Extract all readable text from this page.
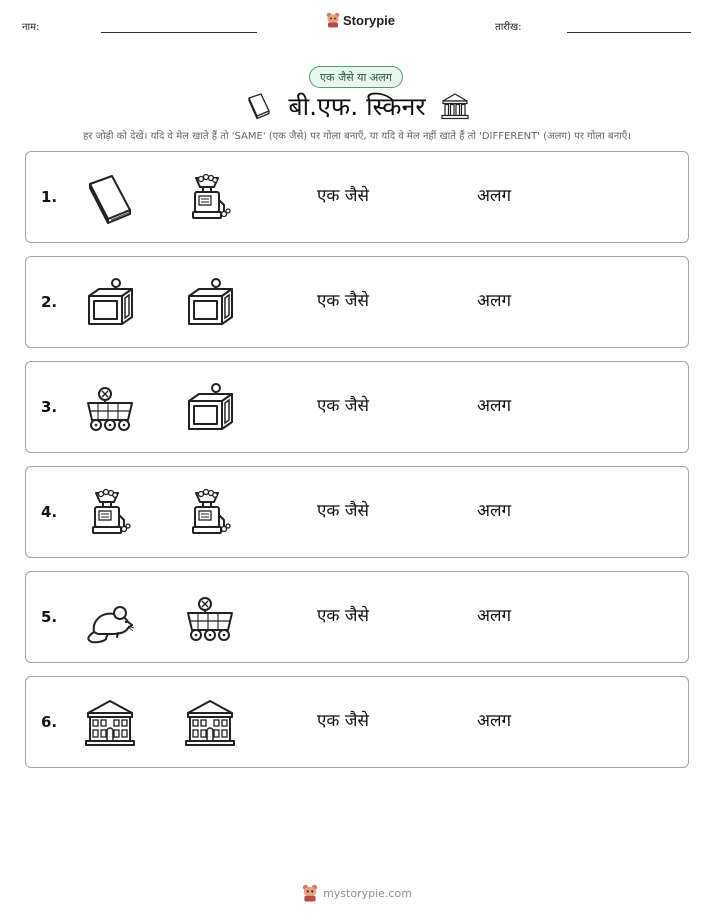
नाम:	Storypie	तारीख:
एक जैसे या अलग
बी.एफ. स्किनर
हर जोड़ी को देखें। यदि वे मेल खाते हैं तो 'SAME' (एक जैसे) पर गोला बनाएँ, या यदि वे मेल नहीं खाते हैं तो 'DIFFERENT' (अलग) पर गोला बनाएँ।
1.	एक जैसे	अलग
2.	एक जैसे	अलग
3.	एक जैसे	अलग
4.	एक जैसे	अलग
5.	एक जैसे	अलग
6.	एक जैसे	अलग
mystorypie.com
